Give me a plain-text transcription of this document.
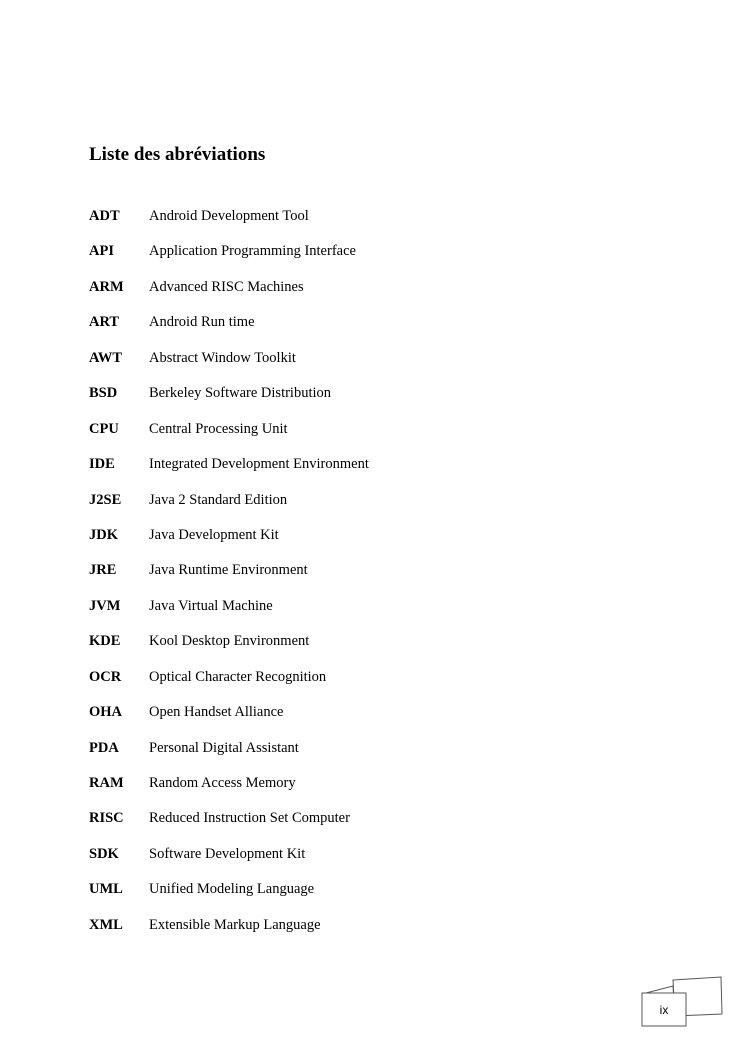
Liste des abréviations
ADT	Android Development Tool
API	Application Programming Interface
ARM	Advanced RISC Machines
ART	Android Run time
AWT	Abstract Window Toolkit
BSD	Berkeley Software Distribution
CPU	Central Processing Unit
IDE	Integrated Development Environment
J2SE	Java 2 Standard Edition
JDK	Java Development Kit
JRE	Java Runtime Environment
JVM	Java Virtual Machine
KDE	Kool Desktop Environment
OCR	Optical Character Recognition
OHA	Open Handset Alliance
PDA	Personal Digital Assistant
RAM	Random Access Memory
RISC	Reduced Instruction Set Computer
SDK	Software Development Kit
UML	Unified Modeling Language
XML	Extensible Markup Language
ix
